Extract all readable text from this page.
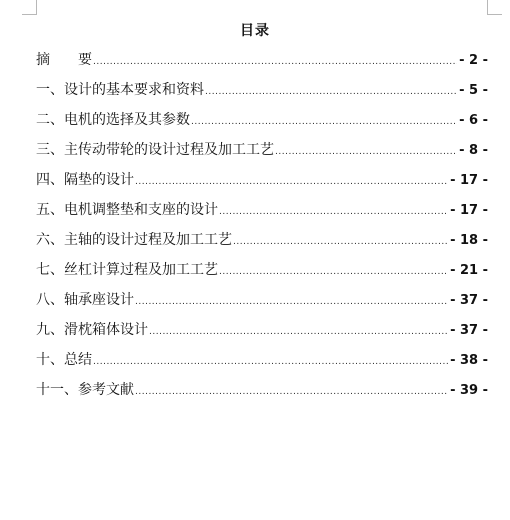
目录
摘　　要 .....	- 2 -
一、设计的基本要求和资料 .....	- 5 -
二、电机的选择及其参数 .....	- 6 -
三、主传动带轮的设计过程及加工工艺 .....	- 8 -
四、隔垫的设计 .....	- 17 -
五、电机调整垫和支座的设计 .....	- 17 -
六、主轴的设计过程及加工工艺 .....	- 18 -
七、丝杠计算过程及加工工艺 .....	- 21 -
八、轴承座设计 .....	- 37 -
九、滑枕箱体设计 .....	- 37 -
十、总结 .....	- 38 -
十一、参考文献 .....	- 39 -
